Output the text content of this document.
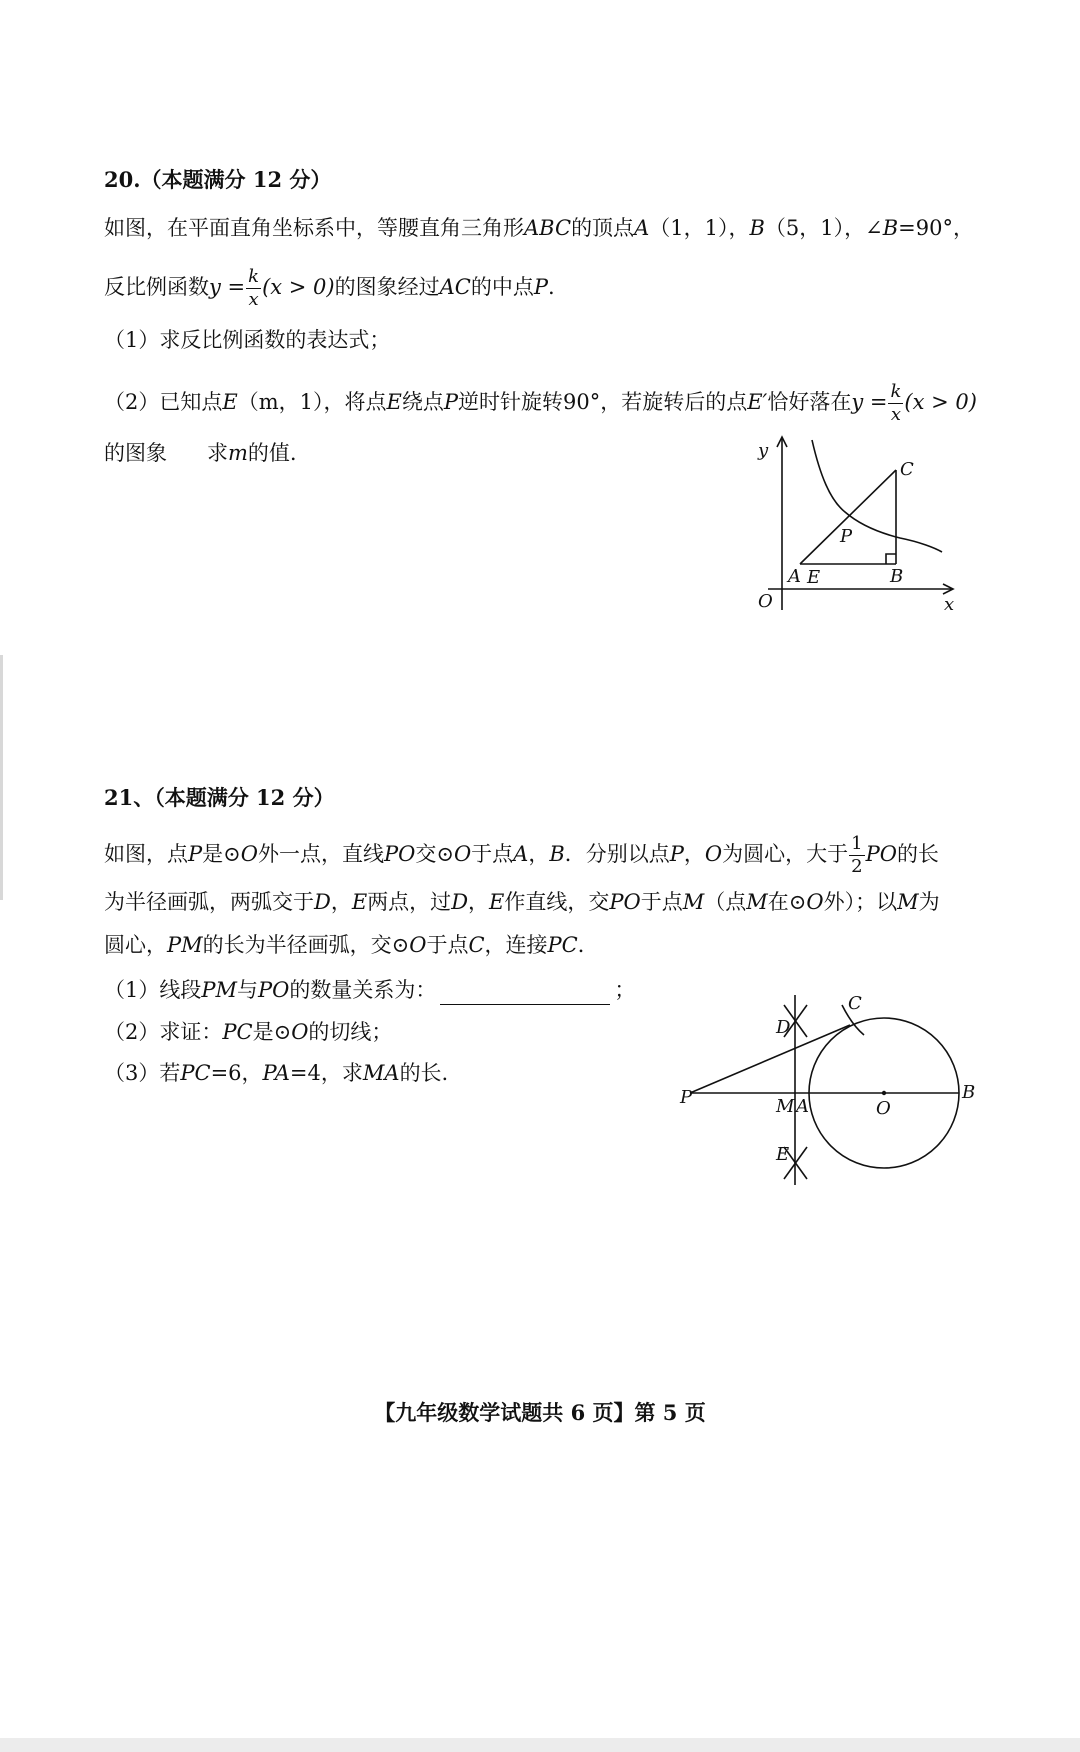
20.（本题满分 12 分）
如图，在平面直角坐标系中，等腰直角三角形ABC的顶点A（1，1），B（5，1），∠B=90°，
反比例函数$y = \frac{k}{x} (x > 0)$的图象经过AC的中点P.
（1）求反比例函数的表达式；
（2）已知点E（m，1），将点E绕点P逆时针旋转90°，若旋转后的点E′恰好落在$y = \frac{k}{x} (x > 0)$
的图象 求m的值.	y
O	x
A E	B
C
P
21、（本题满分 12 分）
如图，点P是⊙O外一点，直线PO交⊙O于点A，B．分别以点P，O为圆心，大于 $\frac{1}{2}$ PO的长
为半径画弧，两弧交于D，E两点，过D，E作直线，交PO于点M（点M在⊙O外）；以M为
圆心，PM的长为半径画弧，交⊙O于点C，连接PC．
（1）线段PM与PO的数量关系为：	；
（2）求证：PC是⊙O的切线；
（3）若PC=6，PA=4，求MA的长.
C
D
P	M A	O
B
E
【九年级数学试题共 6 页】第 5 页
